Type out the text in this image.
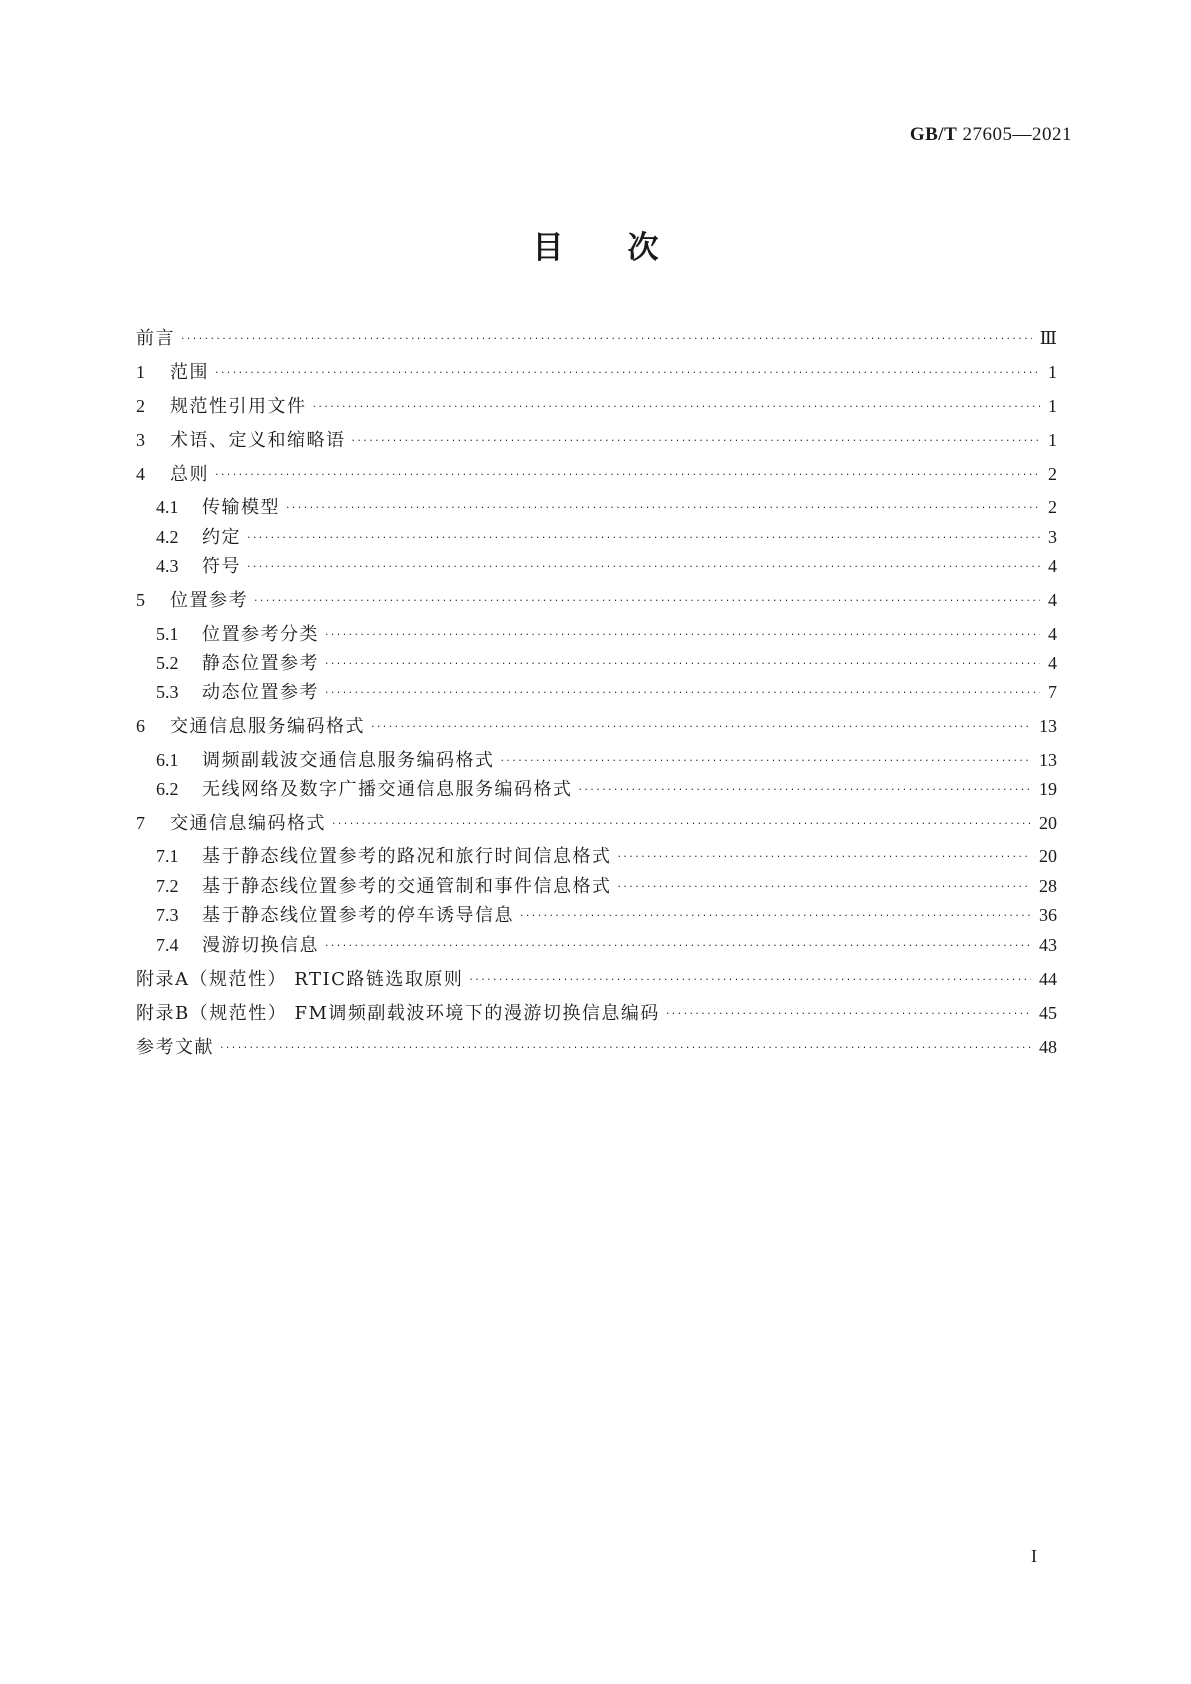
GB/T 27605—2021
目 次
前言 ·····	Ⅲ
1	范围 ·····	1
2	规范性引用文件 ·····	1
3	术语、定义和缩略语 ·····	1
4	总则 ·····	2
4.1	传输模型 ·····	2
4.2	约定 ·····	3
4.3	符号 ·····	4
5	位置参考 ·····	4
5.1	位置参考分类 ·····	4
5.2	静态位置参考 ·····	4
5.3	动态位置参考 ·····	7
6	交通信息服务编码格式 ·····	13
6.1	调频副载波交通信息服务编码格式 ·····	13
6.2	无线网络及数字广播交通信息服务编码格式 ·····	19
7	交通信息编码格式 ·····	20
7.1	基于静态线位置参考的路况和旅行时间信息格式 ·····	20
7.2	基于静态线位置参考的交通管制和事件信息格式 ·····	28
7.3	基于静态线位置参考的停车诱导信息 ·····	36
7.4	漫游切换信息 ·····	43
附录A（规范性） RTIC路链选取原则 ·····	44
附录B（规范性） FM调频副载波环境下的漫游切换信息编码 ·····	45
参考文献 ·····	48
I
